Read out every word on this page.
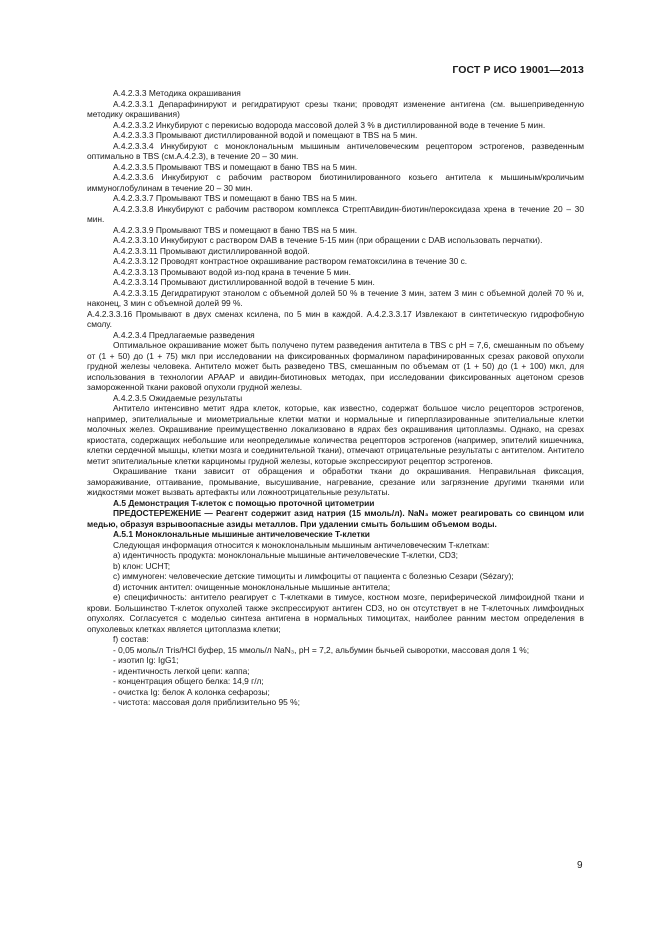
ГОСТ Р ИСО 19001—2013

А.4.2.3.3 Методика окрашивания

А.4.2.3.3.1 Депарафинируют и регидратируют срезы ткани; проводят изменение антигена (см. вышеприведенную методику окрашивания)

А.4.2.3.3.2 Инкубируют с перекисью водорода массовой долей 3 % в дистиллированной воде в течение 5 мин.

А.4.2.3.3.3 Промывают дистиллированной водой и помещают в TBS на 5 мин.

А.4.2.3.3.4 Инкубируют с моноклональным мышиным античеловеческим рецептором эстрогенов, разведенным оптимально в TBS (см.А.4.2.3), в течение 20 – 30 мин.

А.4.2.3.3.5 Промывают TBS и помещают в баню TBS на 5 мин.

А.4.2.3.3.6 Инкубируют с рабочим раствором биотинилированного козьего антитела к мышиным/кроличьим иммуноглобулинам в течение 20 – 30 мин.

А.4.2.3.3.7 Промывают TBS и помещают в баню TBS на 5 мин.

А.4.2.3.3.8 Инкубируют с рабочим раствором комплекса СтрептАвидин-биотин/пероксидаза хрена в течение 20 – 30 мин.

А.4.2.3.3.9 Промывают TBS и помещают в баню TBS на 5 мин.

А.4.2.3.3.10 Инкубируют с раствором DAB в течение 5-15 мин (при обращении с DAB использовать перчатки).

А.4.2.3.3.11 Промывают дистиллированной водой.

А.4.2.3.3.12 Проводят контрастное окрашивание раствором гематоксилина в течение 30 с.

А.4.2.3.3.13 Промывают водой из-под крана в течение 5 мин.

А.4.2.3.3.14 Промывают дистиллированной водой в течение 5 мин.

А.4.2.3.3.15 Дегидратируют этанолом с объемной долей 50 % в течение 3 мин, затем 3 мин с объемной долей 70 % и, наконец, 3 мин с объемной долей 99 %.

А.4.2.3.3.16 Промывают в двух сменах ксилена, по 5 мин в каждой. А.4.2.3.3.17 Извлекают в синтетическую гидрофобную смолу.

А.4.2.3.4 Предлагаемые разведения

Оптимальное окрашивание может быть получено путем разведения антитела в TBS с рН = 7,6, смешанным по объему от (1 + 50) до (1 + 75) мкл при исследовании на фиксированных формалином парафинированных срезах раковой опухоли грудной железы человека. Антитело может быть разведено TBS, смешанным по объемам от (1 + 50) до (1 + 100) мкл, для использования в технологии APAAP и авидин-биотиновых методах, при исследовании фиксированных ацетоном срезов замороженной ткани раковой опухоли грудной железы.

А.4.2.3.5 Ожидаемые результаты

Антитело интенсивно метит ядра клеток, которые, как известно, содержат большое число рецепторов эстрогенов, например, эпителиальные и миометриальные клетки матки и нормальные и гиперплазированные эпителиальные клетки молочных желез. Окрашивание преимущественно локализовано в ядрах без окрашивания цитоплазмы. Однако, на срезах криостата, содержащих небольшие или неопределимые количества рецепторов эстрогенов (например, эпителий кишечника, клетки сердечной мышцы, клетки мозга и соединительной ткани), отмечают отрицательные результаты с антителом. Антитело метит эпителиальные клетки карциномы грудной железы, которые экспрессируют рецептор эстрогенов.

Окрашивание ткани зависит от обращения и обработки ткани до окрашивания. Неправильная фиксация, замораживание, оттаивание, промывание, высушивание, нагревание, срезание или загрязнение другими тканями или жидкостями может вызвать артефакты или ложноотрицательные результаты.

А.5 Демонстрация T-клеток с помощью проточной цитометрии

ПРЕДОСТЕРЕЖЕНИЕ — Реагент содержит азид натрия (15 ммоль/л). NaN₃ может реагировать со свинцом или медью, образуя взрывоопасные азиды металлов. При удалении смыть большим объемом воды.

А.5.1 Моноклональные мышиные античеловеческие T-клетки

Следующая информация относится к моноклональным мышиным античеловеческим T-клеткам:

а) идентичность продукта: моноклональные мышиные античеловеческие T-клетки, CD3;

b) клон: UCHT;

с) иммуноген: человеческие детские тимоциты и лимфоциты от пациента с болезнью Сезари (Sézary);

d) источник антител: очищенные моноклональные мышиные антитела;

е) специфичность: антитело реагирует с T-клетками в тимусе, костном мозге, периферической лимфоидной ткани и крови. Большинство T-клеток опухолей также экспрессируют антиген CD3, но он отсутствует в не T-клеточных лимфоидных опухолях. Согласуется с моделью синтеза антигена в нормальных тимоцитах, наиболее ранним местом определения в опухолевых клетках является цитоплазма клетки;

f) состав:

- 0,05 моль/л Tris/HCl буфер, 15 ммоль/л NaN₃, рН = 7,2, альбумин бычьей сыворотки, массовая доля 1 %;

- изотип Ig: IgG1;

- идентичность легкой цепи: каппа;

- концентрация общего белка: 14,9 г/л;

- очистка Ig: белок А колонка сефарозы;

- чистота: массовая доля приблизительно 95 %;

9
